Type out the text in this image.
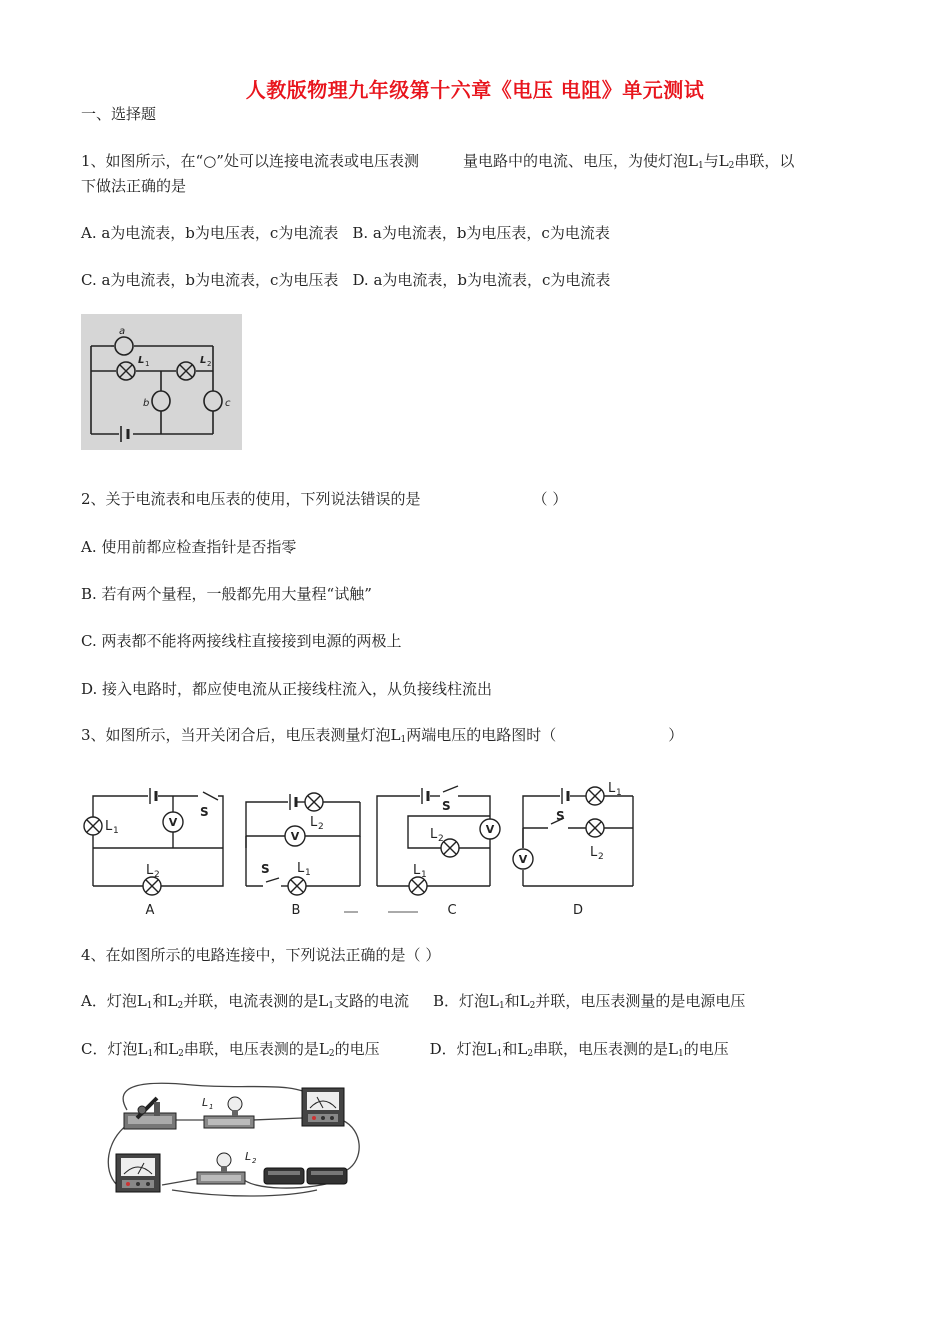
人教版物理九年级第十六章《电压 电阻》单元测试
一、选择题
1、如图所示，在“○”处可以连接电流表或电压表测	量电路中的电流、电压，为使灯泡$L_1$与$L_2$串联，以
下做法正确的是
A. a为电流表，b为电压表，c为电流表 B. a为电流表，b为电压表，c为电流表
C. a为电流表，b为电流表，c为电压表 D. a为电流表，b为电流表，c为电流表
a
L 1	L 2
b	c
2、关于电流表和电压表的使用，下列说法错误的是	（ ）
A. 使用前都应检查指针是否指零
B. 若有两个量程，一般都先用大量程“试触”
C. 两表都不能将两接线柱直接接到电源的两极上
D. 接入电路时，都应使电流从正接线柱流入，从负接线柱流出
3、如图所示，当开关闭合后，电压表测量灯泡$L_1$两端电压的电路图时（	）
V
V
V
V
S
S
S
S
L 1
L 2
L 2
L 1
L 2
L 1
L 1
L 2
A	B	C	D
4、在如图所示的电路连接中，下列说法正确的是（ ）
A．灯泡$L_1$和$L_2$并联，电流表测的是$L_1$支路的电流 B．灯泡$L_1$和$L_2$并联，电压表测量的是电源电压
C．灯泡$L_1$和$L_2$串联，电压表测的是$L_2$的电压	D．灯泡$L_1$和$L_2$串联，电压表测的是$L_1$的电压
L 1
L 2
